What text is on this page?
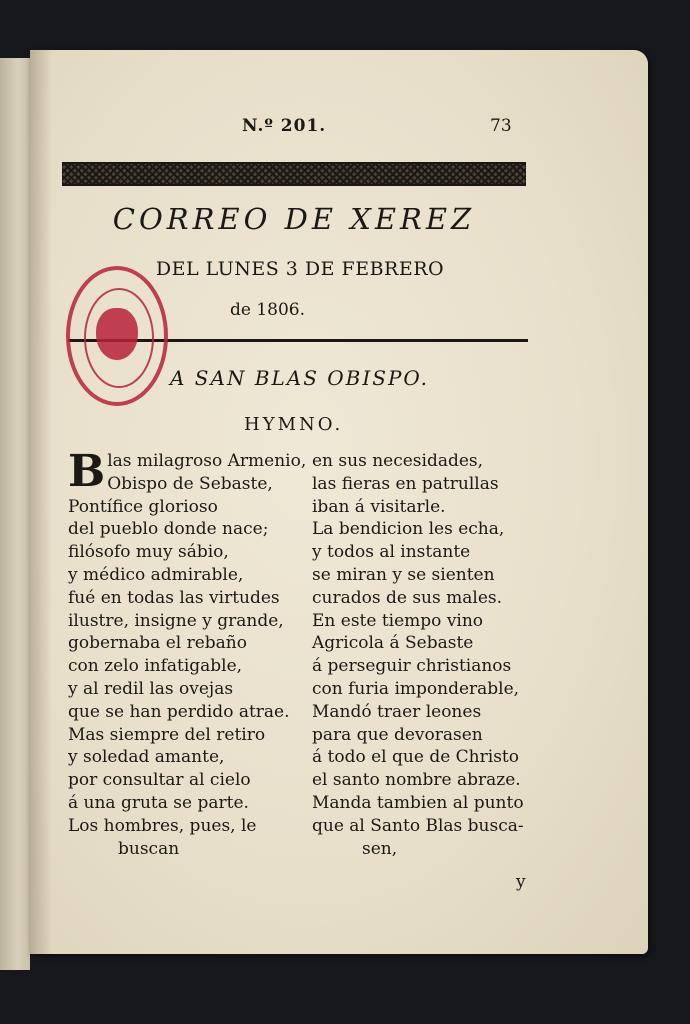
N.º 201.	73
CORREO DE XEREZ
DEL LUNES 3 DE FEBRERO
de 1806.
A SAN BLAS OBISPO.
HYMNO.
B las milagroso Armenio,
Obispo de Sebaste,
Pontífice glorioso
del pueblo donde nace;
filósofo muy sábio,
y médico admirable,
fué en todas las virtudes
ilustre, insigne y grande,
gobernaba el rebaño
con zelo infatigable,
y al redil las ovejas
que se han perdido atrae.
Mas siempre del retiro
y soledad amante,
por consultar al cielo
á una gruta se parte.
Los hombres, pues, le
buscan
en sus necesidades,
las fieras en patrullas
iban á visitarle.
La bendicion les echa,
y todos al instante
se miran y se sienten
curados de sus males.
En este tiempo vino
Agricola á Sebaste
á perseguir christianos
con furia imponderable,
Mandó traer leones
para que devorasen
á todo el que de Christo
el santo nombre abraze.
Manda tambien al punto
que al Santo Blas busca-
sen,
y
